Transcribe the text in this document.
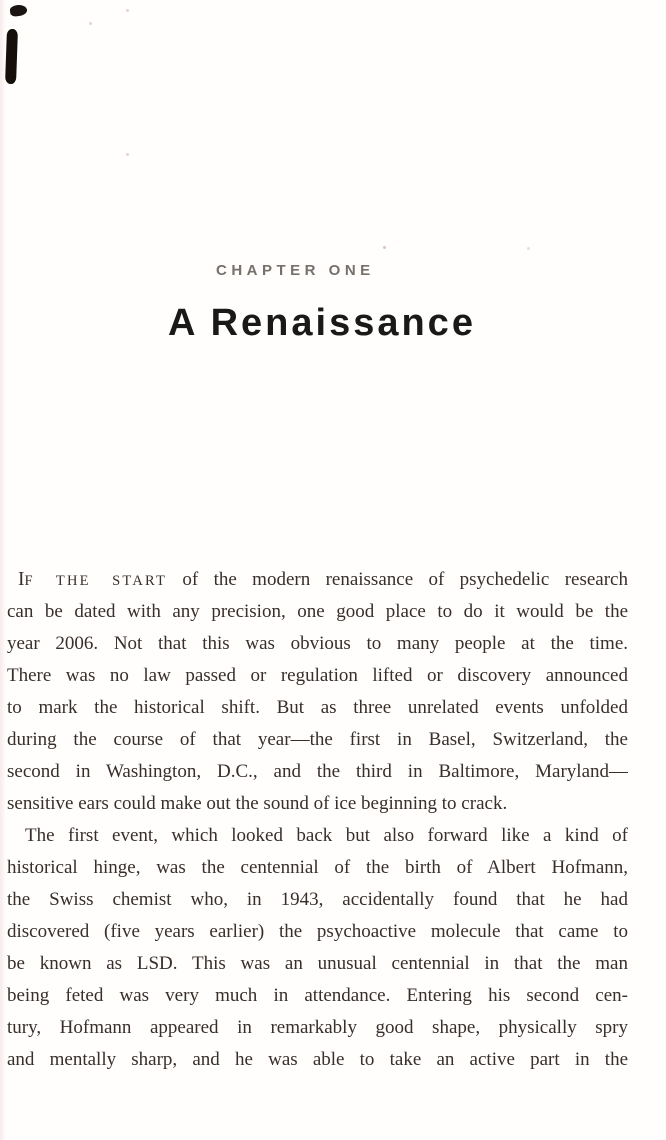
CHAPTER ONE
A Renaissance
IF THE START of the modern renaissance of psychedelic research
can be dated with any precision, one good place to do it would be the
year 2006. Not that this was obvious to many people at the time.
There was no law passed or regulation lifted or discovery announced
to mark the historical shift. But as three unrelated events unfolded
during the course of that year—the first in Basel, Switzerland, the
second in Washington, D.C., and the third in Baltimore, Maryland—
sensitive ears could make out the sound of ice beginning to crack.
The first event, which looked back but also forward like a kind of
historical hinge, was the centennial of the birth of Albert Hofmann,
the Swiss chemist who, in 1943, accidentally found that he had
discovered (five years earlier) the psychoactive molecule that came to
be known as LSD. This was an unusual centennial in that the man
being feted was very much in attendance. Entering his second cen-
tury, Hofmann appeared in remarkably good shape, physically spry
and mentally sharp, and he was able to take an active part in the
